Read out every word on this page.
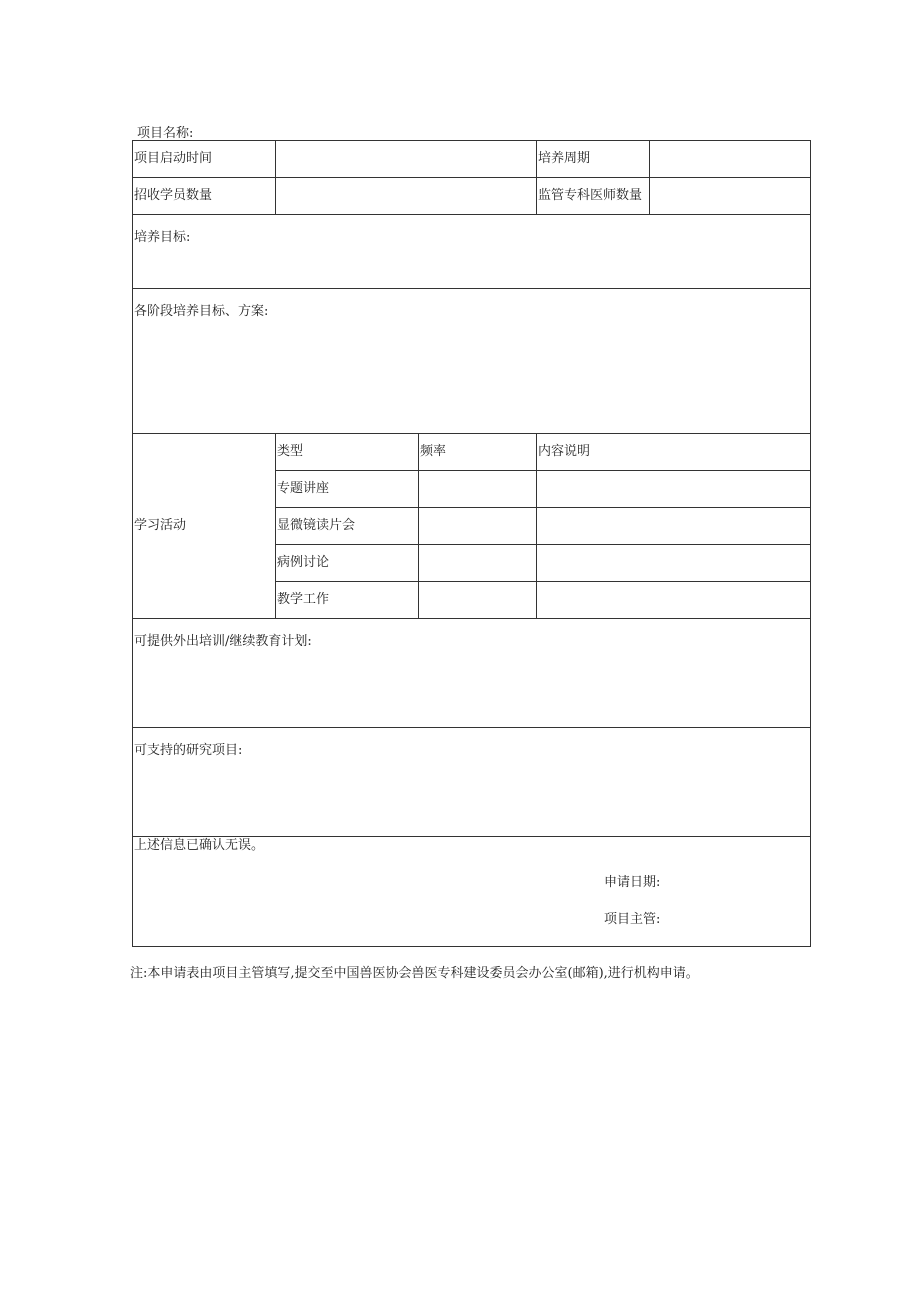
项目名称:
项目启动时间			培养周期	
招收学员数量			监管专科医师数量	
培养目标:				
各阶段培养目标、方案:				
学习活动	类型	频率	内容说明	
	专题讲座			
	显微镜读片会			
	病例讨论			
	教学工作			
可提供外出培训/继续教育计划:				
可支持的研究项目:				
上述信息已确认无误。
申请日期:
项目主管:				
注:本申请表由项目主管填写,提交至中国兽医协会兽医专科建设委员会办公室(邮箱),进行机构申请。
